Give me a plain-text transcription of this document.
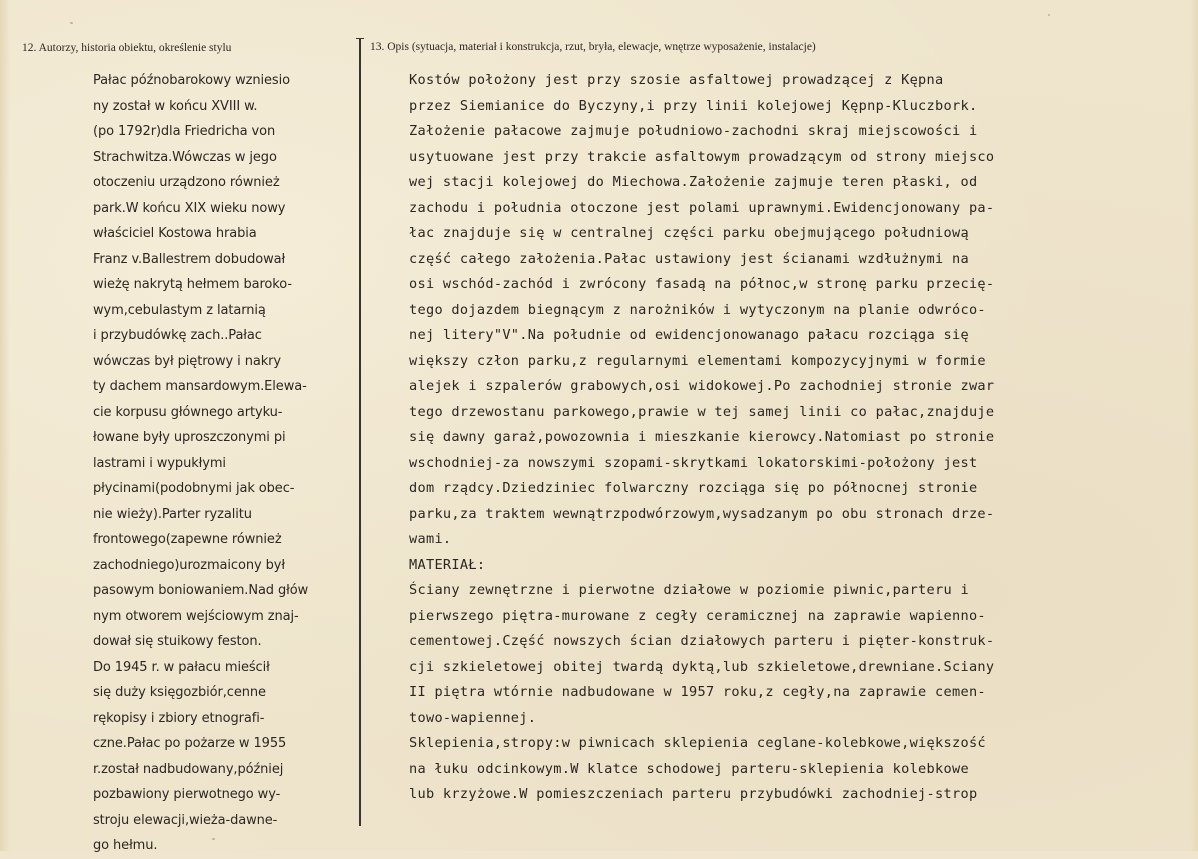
12. Autorzy, historia obiektu, określenie stylu	13. Opis (sytuacja, materiał i konstrukcja, rzut, bryła, elewacje, wnętrze wyposażenie, instalacje)
Pałac późnobarokowy wzniesio
ny został w końcu XVIII w.
(po 1792r)dla Friedricha von
Strachwitza.Wówczas w jego
otoczeniu urządzono również
park.W końcu XIX wieku nowy
właściciel Kostowa hrabia
Franz v.Ballestrem dobudował
wieżę nakrytą hełmem baroko-
wym,cebulastym z latarnią
i przybudówkę zach..Pałac
wówczas był piętrowy i nakry
ty dachem mansardowym.Elewa-
cie korpusu głównego artyku-
łowane były uproszczonymi pi
lastrami i wypukłymi
płycinami(podobnymi jak obec-
nie wieży).Parter ryzalitu
frontowego(zapewne również
zachodniego)urozmaicony był
pasowym boniowaniem.Nad głów
nym otworem wejściowym znaj-
dował się stuikowy feston.
Do 1945 r. w pałacu mieścił
się duży księgozbiór,cenne
rękopisy i zbiory etnografi-
czne.Pałac po pożarze w 1955
r.został nadbudowany,później
pozbawiony pierwotnego wy-
stroju elewacji,wieża-dawne-
go hełmu.
Kostów położony jest przy szosie asfaltowej prowadzącej z Kępna
przez Siemianice do Byczyny,i przy linii kolejowej Kępnp-Kluczbork.
Założenie pałacowe zajmuje południowo-zachodni skraj miejscowości i
usytuowane jest przy trakcie asfaltowym prowadzącym od strony miejsco
wej stacji kolejowej do Miechowa.Założenie zajmuje teren płaski, od
zachodu i południa otoczone jest polami uprawnymi.Ewidencjonowany pa-
łac znajduje się w centralnej części parku obejmującego południową
część całego założenia.Pałac ustawiony jest ścianami wzdłużnymi na
osi wschód-zachód i zwrócony fasadą na północ,w stronę parku przecię-
tego dojazdem biegnącym z narożników i wytyczonym na planie odwróco-
nej litery"V".Na południe od ewidencjonowanago pałacu rozciąga się
większy człon parku,z regularnymi elementami kompozycyjnymi w formie
alejek i szpalerów grabowych,osi widokowej.Po zachodniej stronie zwar
tego drzewostanu parkowego,prawie w tej samej linii co pałac,znajduje
się dawny garaż,powozownia i mieszkanie kierowcy.Natomiast po stronie
wschodniej-za nowszymi szopami-skrytkami lokatorskimi-położony jest
dom rządcy.Dziedziniec folwarczny rozciąga się po północnej stronie
parku,za traktem wewnątrzpodwórzowym,wysadzanym po obu stronach drze-
wami.
MATERIAŁ:
Ściany zewnętrzne i pierwotne działowe w poziomie piwnic,parteru i
pierwszego piętra-murowane z cegły ceramicznej na zaprawie wapienno-
cementowej.Część nowszych ścian działowych parteru i pięter-konstruk-
cji szkieletowej obitej twardą dyktą,lub szkieletowe,drewniane.Sciany
II piętra wtórnie nadbudowane w 1957 roku,z cegły,na zaprawie cemen-
towo-wapiennej.
Sklepienia,stropy:w piwnicach sklepienia ceglane-kolebkowe,większość
na łuku odcinkowym.W klatce schodowej parteru-sklepienia kolebkowe
lub krzyżowe.W pomieszczeniach parteru przybudówki zachodniej-strop
